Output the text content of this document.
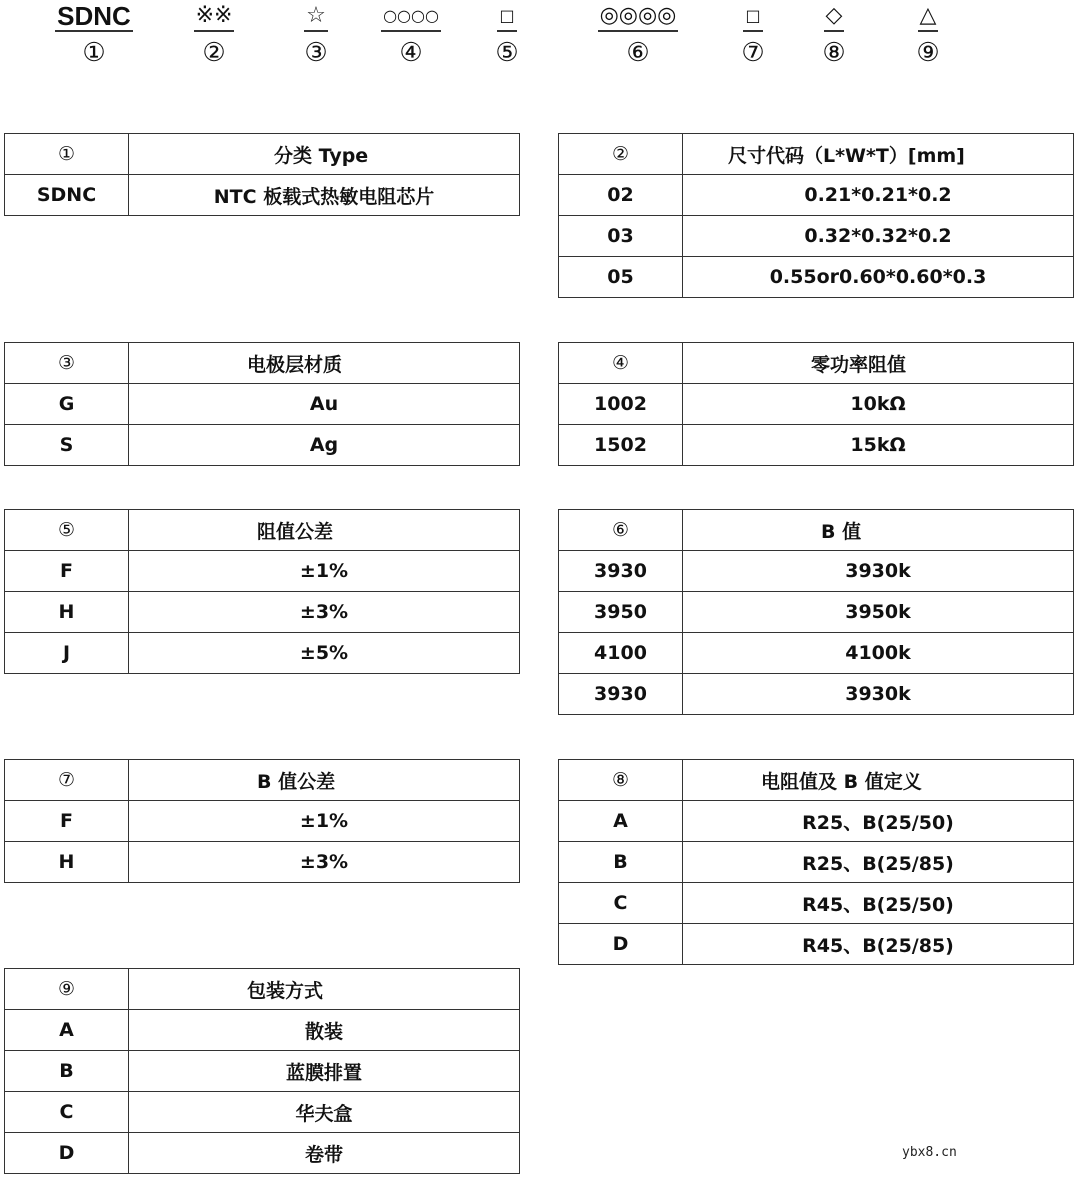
SDNC
①
※※
②
☆
③
○○○○
④
□
⑤
◎◎◎◎
⑥
□
⑦
◇
⑧
△
⑨
①	分类 Type
SDNC	NTC 板载式热敏电阻芯片
②	尺寸代码（L*W*T）[mm]
02	0.21*0.21*0.2
03	0.32*0.32*0.2
05	0.55or0.60*0.60*0.3
③	电极层材质
G	Au
S	Ag
④	零功率阻值
1002	10kΩ
1502	15kΩ
⑤	阻值公差
F	±1%
H	±3%
J	±5%
⑥	B 值
3930	3930k
3950	3950k
4100	4100k
3930	3930k
⑦	B 值公差
F	±1%
H	±3%
⑧	电阻值及 B 值定义
A	R25、B(25/50)
B	R25、B(25/85)
C	R45、B(25/50)
D	R45、B(25/85)
⑨	包装方式
A	散装
B	蓝膜排置
C	华夫盒
D	卷带	ybx8.cn
